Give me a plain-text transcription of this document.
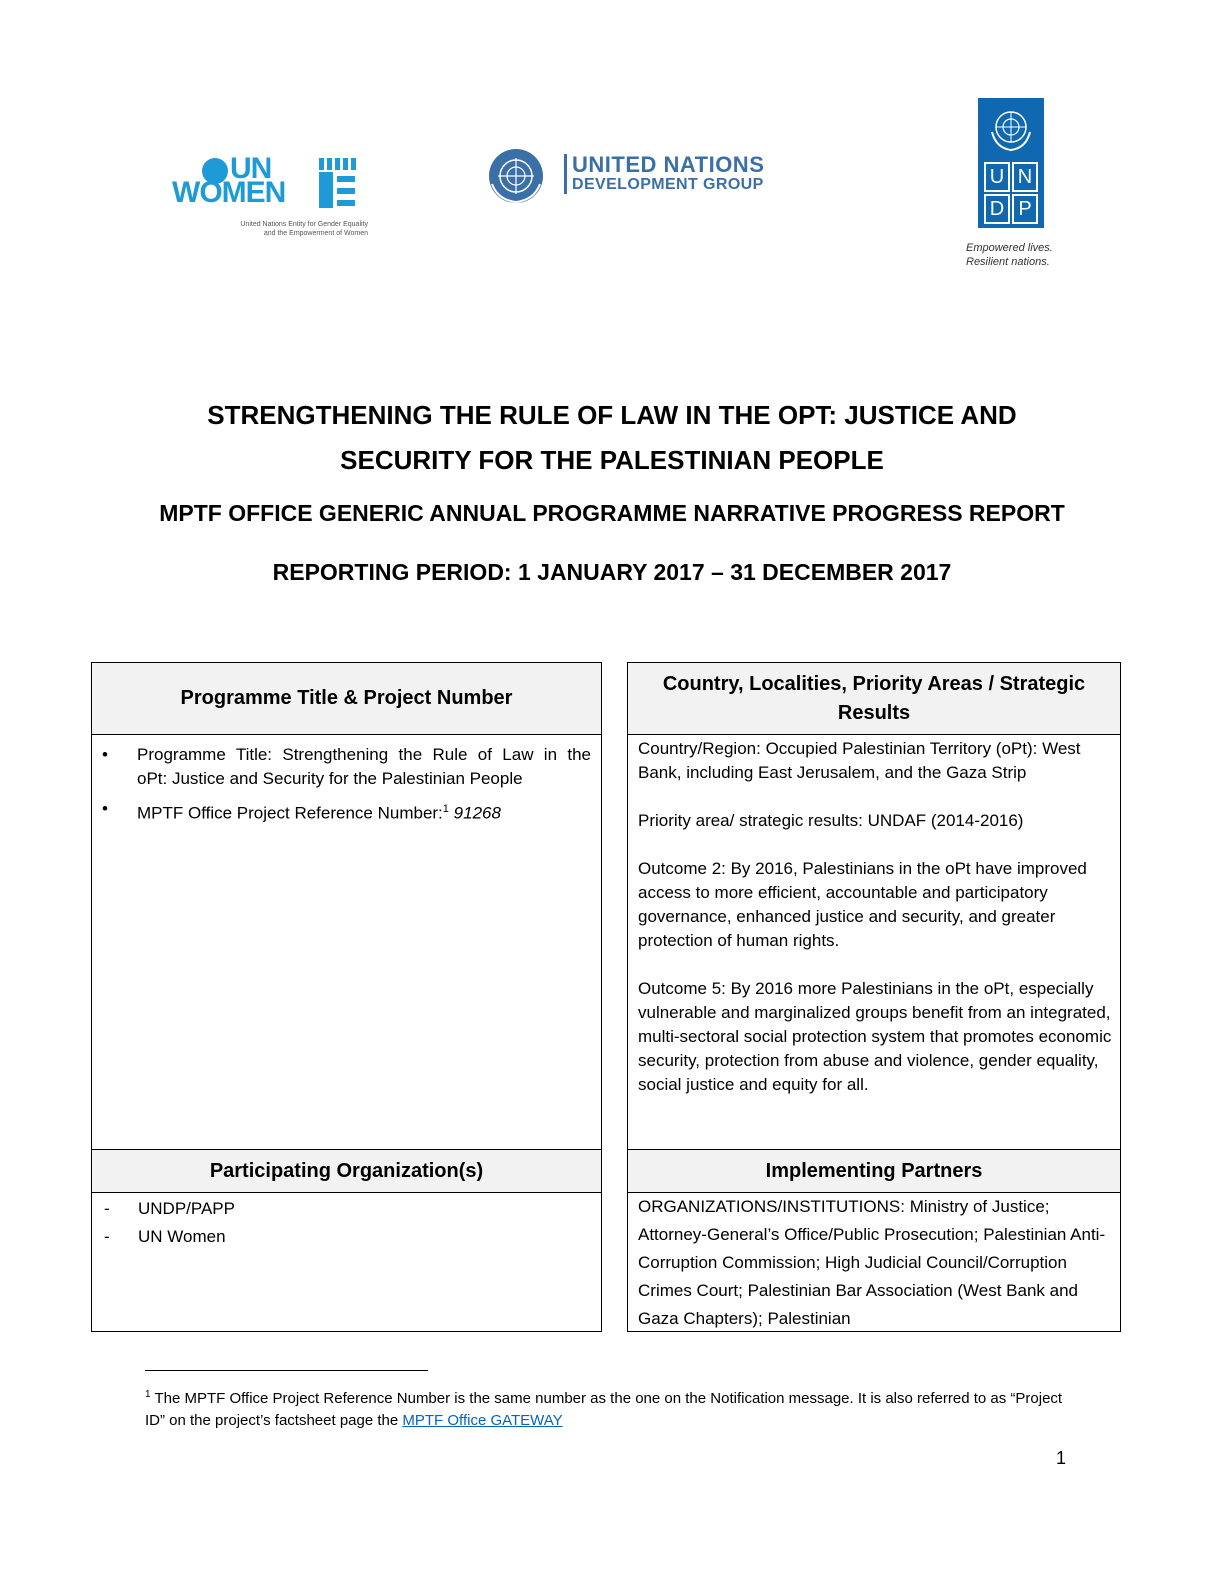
UN
WOMEN
United Nations Entity for Gender Equality
and the Empowerment of Women
UNITED NATIONS
DEVELOPMENT GROUP	U N
D P
Empowered lives.
Resilient nations.
STRENGTHENING THE RULE OF LAW IN THE OPT: JUSTICE AND
SECURITY FOR THE PALESTINIAN PEOPLE
MPTF OFFICE GENERIC ANNUAL PROGRAMME NARRATIVE PROGRESS REPORT
REPORTING PERIOD: 1 JANUARY 2017 – 31 DECEMBER 2017
Programme Title & Project Number
• Programme Title: Strengthening the Rule of Law in the
oPt: Justice and Security for the Palestinian People
• MPTF Office Project Reference Number:$^1$ 91268
Participating Organization(s)
- UNDP/PAPP
- UN Women
Country, Localities, Priority Areas / Strategic Results

Country/Region: Occupied Palestinian Territory (oPt): West Bank, including East Jerusalem, and the Gaza Strip

Priority area/ strategic results: UNDAF (2014-2016)

Outcome 2: By 2016, Palestinians in the oPt have improved access to more efficient, accountable and participatory governance, enhanced justice and security, and greater protection of human rights.

Outcome 5: By 2016 more Palestinians in the oPt, especially vulnerable and marginalized groups benefit from an integrated, multi-sectoral social protection system that promotes economic security, protection from abuse and violence, gender equality, social justice and equity for all.

Implementing Partners
ORGANIZATIONS/INSTITUTIONS: Ministry of Justice; Attorney-General’s Office/Public Prosecution; Palestinian Anti-Corruption Commission; High Judicial Council/Corruption Crimes Court; Palestinian Bar Association (West Bank and Gaza Chapters); Palestinian
$^1$ The MPTF Office Project Reference Number is the same number as the one on the Notification message. It is also referred to as “Project ID” on the project’s factsheet page the MPTF Office GATEWAY
1
